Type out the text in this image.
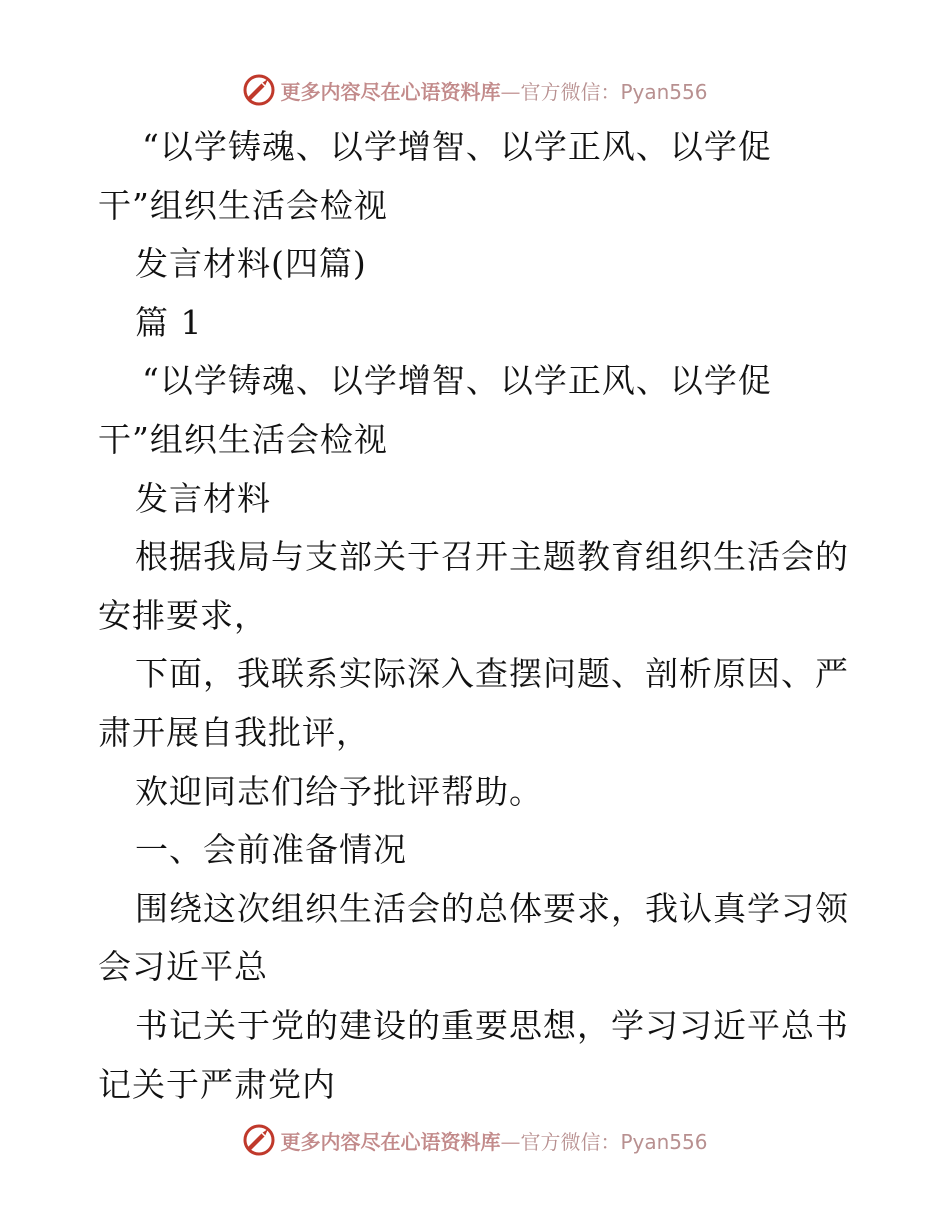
更多内容尽在心语资料库—官方微信：Pyan556
“以学铸魂、以学增智、以学正风、以学促
干”组织生活会检视
发言材料(四篇)
篇 1
“以学铸魂、以学增智、以学正风、以学促
干”组织生活会检视
发言材料
根据我局与支部关于召开主题教育组织生活会的
安排要求，
下面，我联系实际深入查摆问题、剖析原因、严
肃开展自我批评，
欢迎同志们给予批评帮助。
一、会前准备情况
围绕这次组织生活会的总体要求，我认真学习领
会习近平总
书记关于党的建设的重要思想，学习习近平总书
记关于严肃党内
更多内容尽在心语资料库—官方微信：Pyan556
